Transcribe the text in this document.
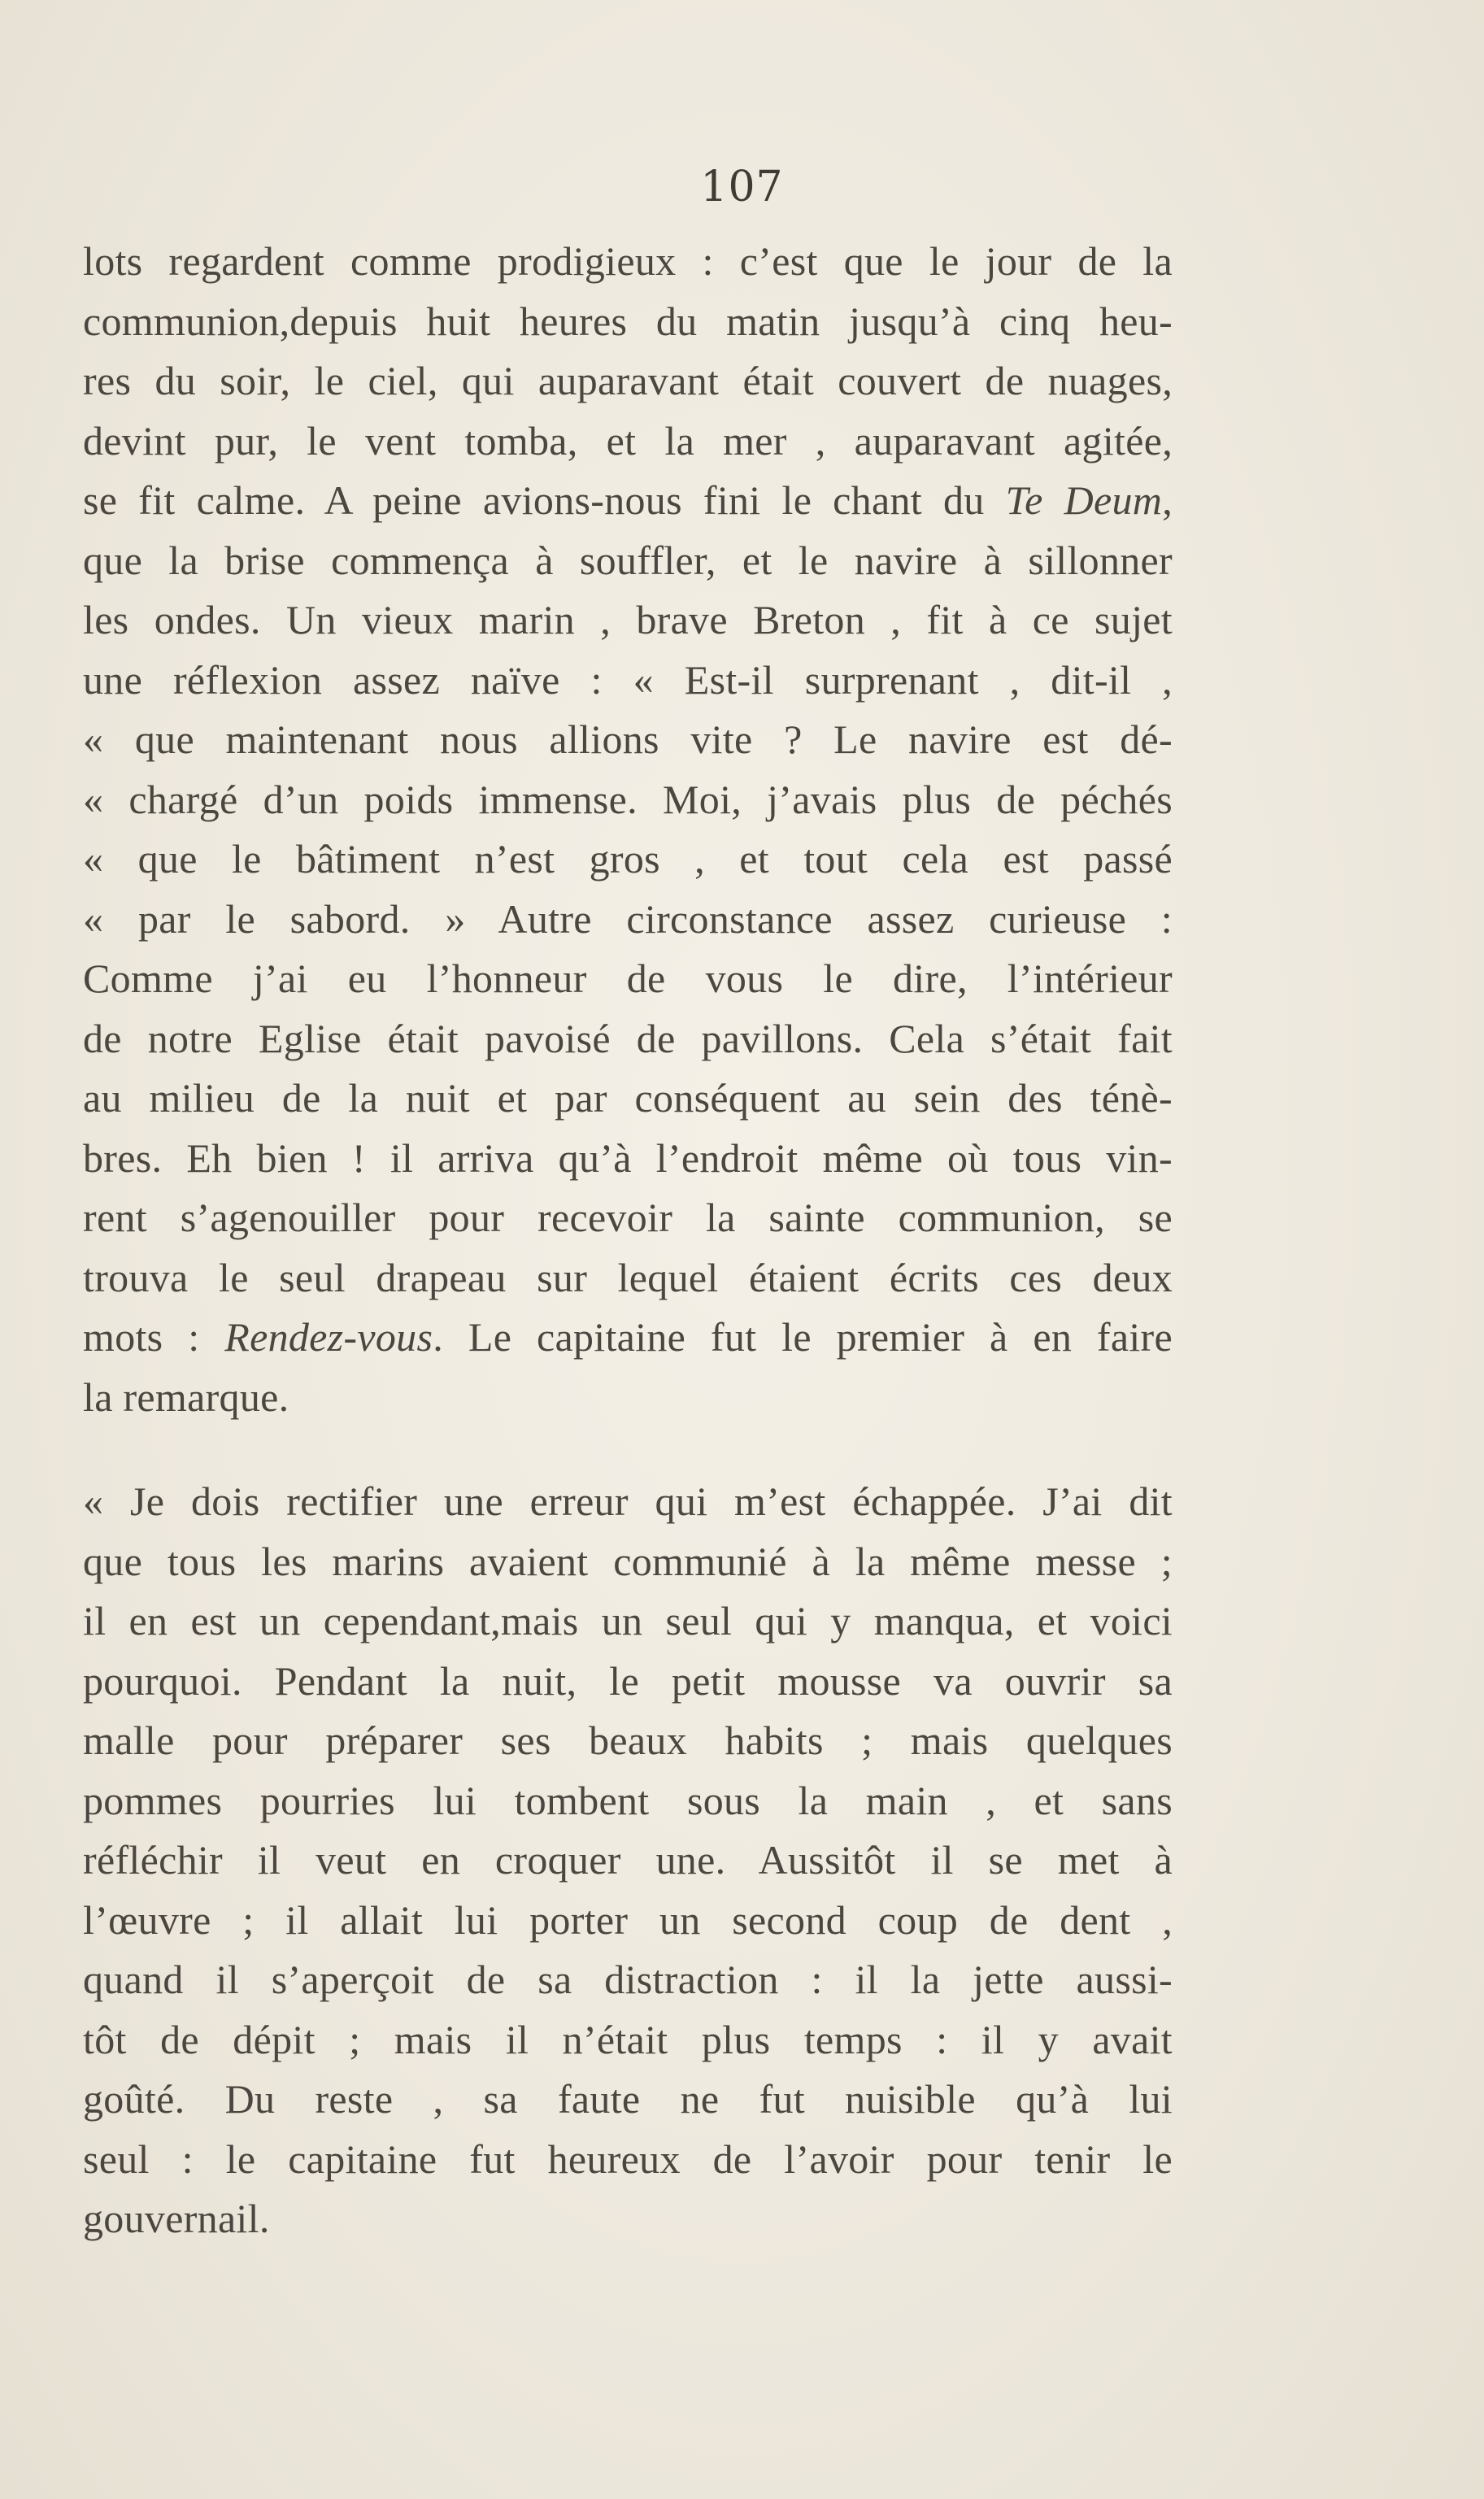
107
lots regardent comme prodigieux : c’est que le jour de la
communion,depuis huit heures du matin jusqu’à cinq heu-
res du soir, le ciel, qui auparavant était couvert de nuages,
devint pur, le vent tomba, et la mer , auparavant agitée,
se fit calme. A peine avions-nous fini le chant du Te Deum,
que la brise commença à souffler, et le navire à sillonner
les ondes. Un vieux marin , brave Breton , fit à ce sujet
une réflexion assez naïve : « Est-il surprenant , dit-il ,
« que maintenant nous allions vite ? Le navire est dé-
« chargé d’un poids immense. Moi, j’avais plus de péchés
« que le bâtiment n’est gros , et tout cela est passé
« par le sabord. » Autre circonstance assez curieuse :
Comme j’ai eu l’honneur de vous le dire, l’intérieur
de notre Eglise était pavoisé de pavillons. Cela s’était fait
au milieu de la nuit et par conséquent au sein des ténè-
bres. Eh bien ! il arriva qu’à l’endroit même où tous vin-
rent s’agenouiller pour recevoir la sainte communion, se
trouva le seul drapeau sur lequel étaient écrits ces deux
mots : Rendez-vous. Le capitaine fut le premier à en faire
la remarque.
« Je dois rectifier une erreur qui m’est échappée. J’ai dit
que tous les marins avaient communié à la même messe ;
il en est un cependant,mais un seul qui y manqua, et voici
pourquoi. Pendant la nuit, le petit mousse va ouvrir sa
malle pour préparer ses beaux habits ; mais quelques
pommes pourries lui tombent sous la main , et sans
réfléchir il veut en croquer une. Aussitôt il se met à
l’œuvre ; il allait lui porter un second coup de dent ,
quand il s’aperçoit de sa distraction : il la jette aussi-
tôt de dépit ; mais il n’était plus temps : il y avait
goûté. Du reste , sa faute ne fut nuisible qu’à lui
seul : le capitaine fut heureux de l’avoir pour tenir le
gouvernail.
